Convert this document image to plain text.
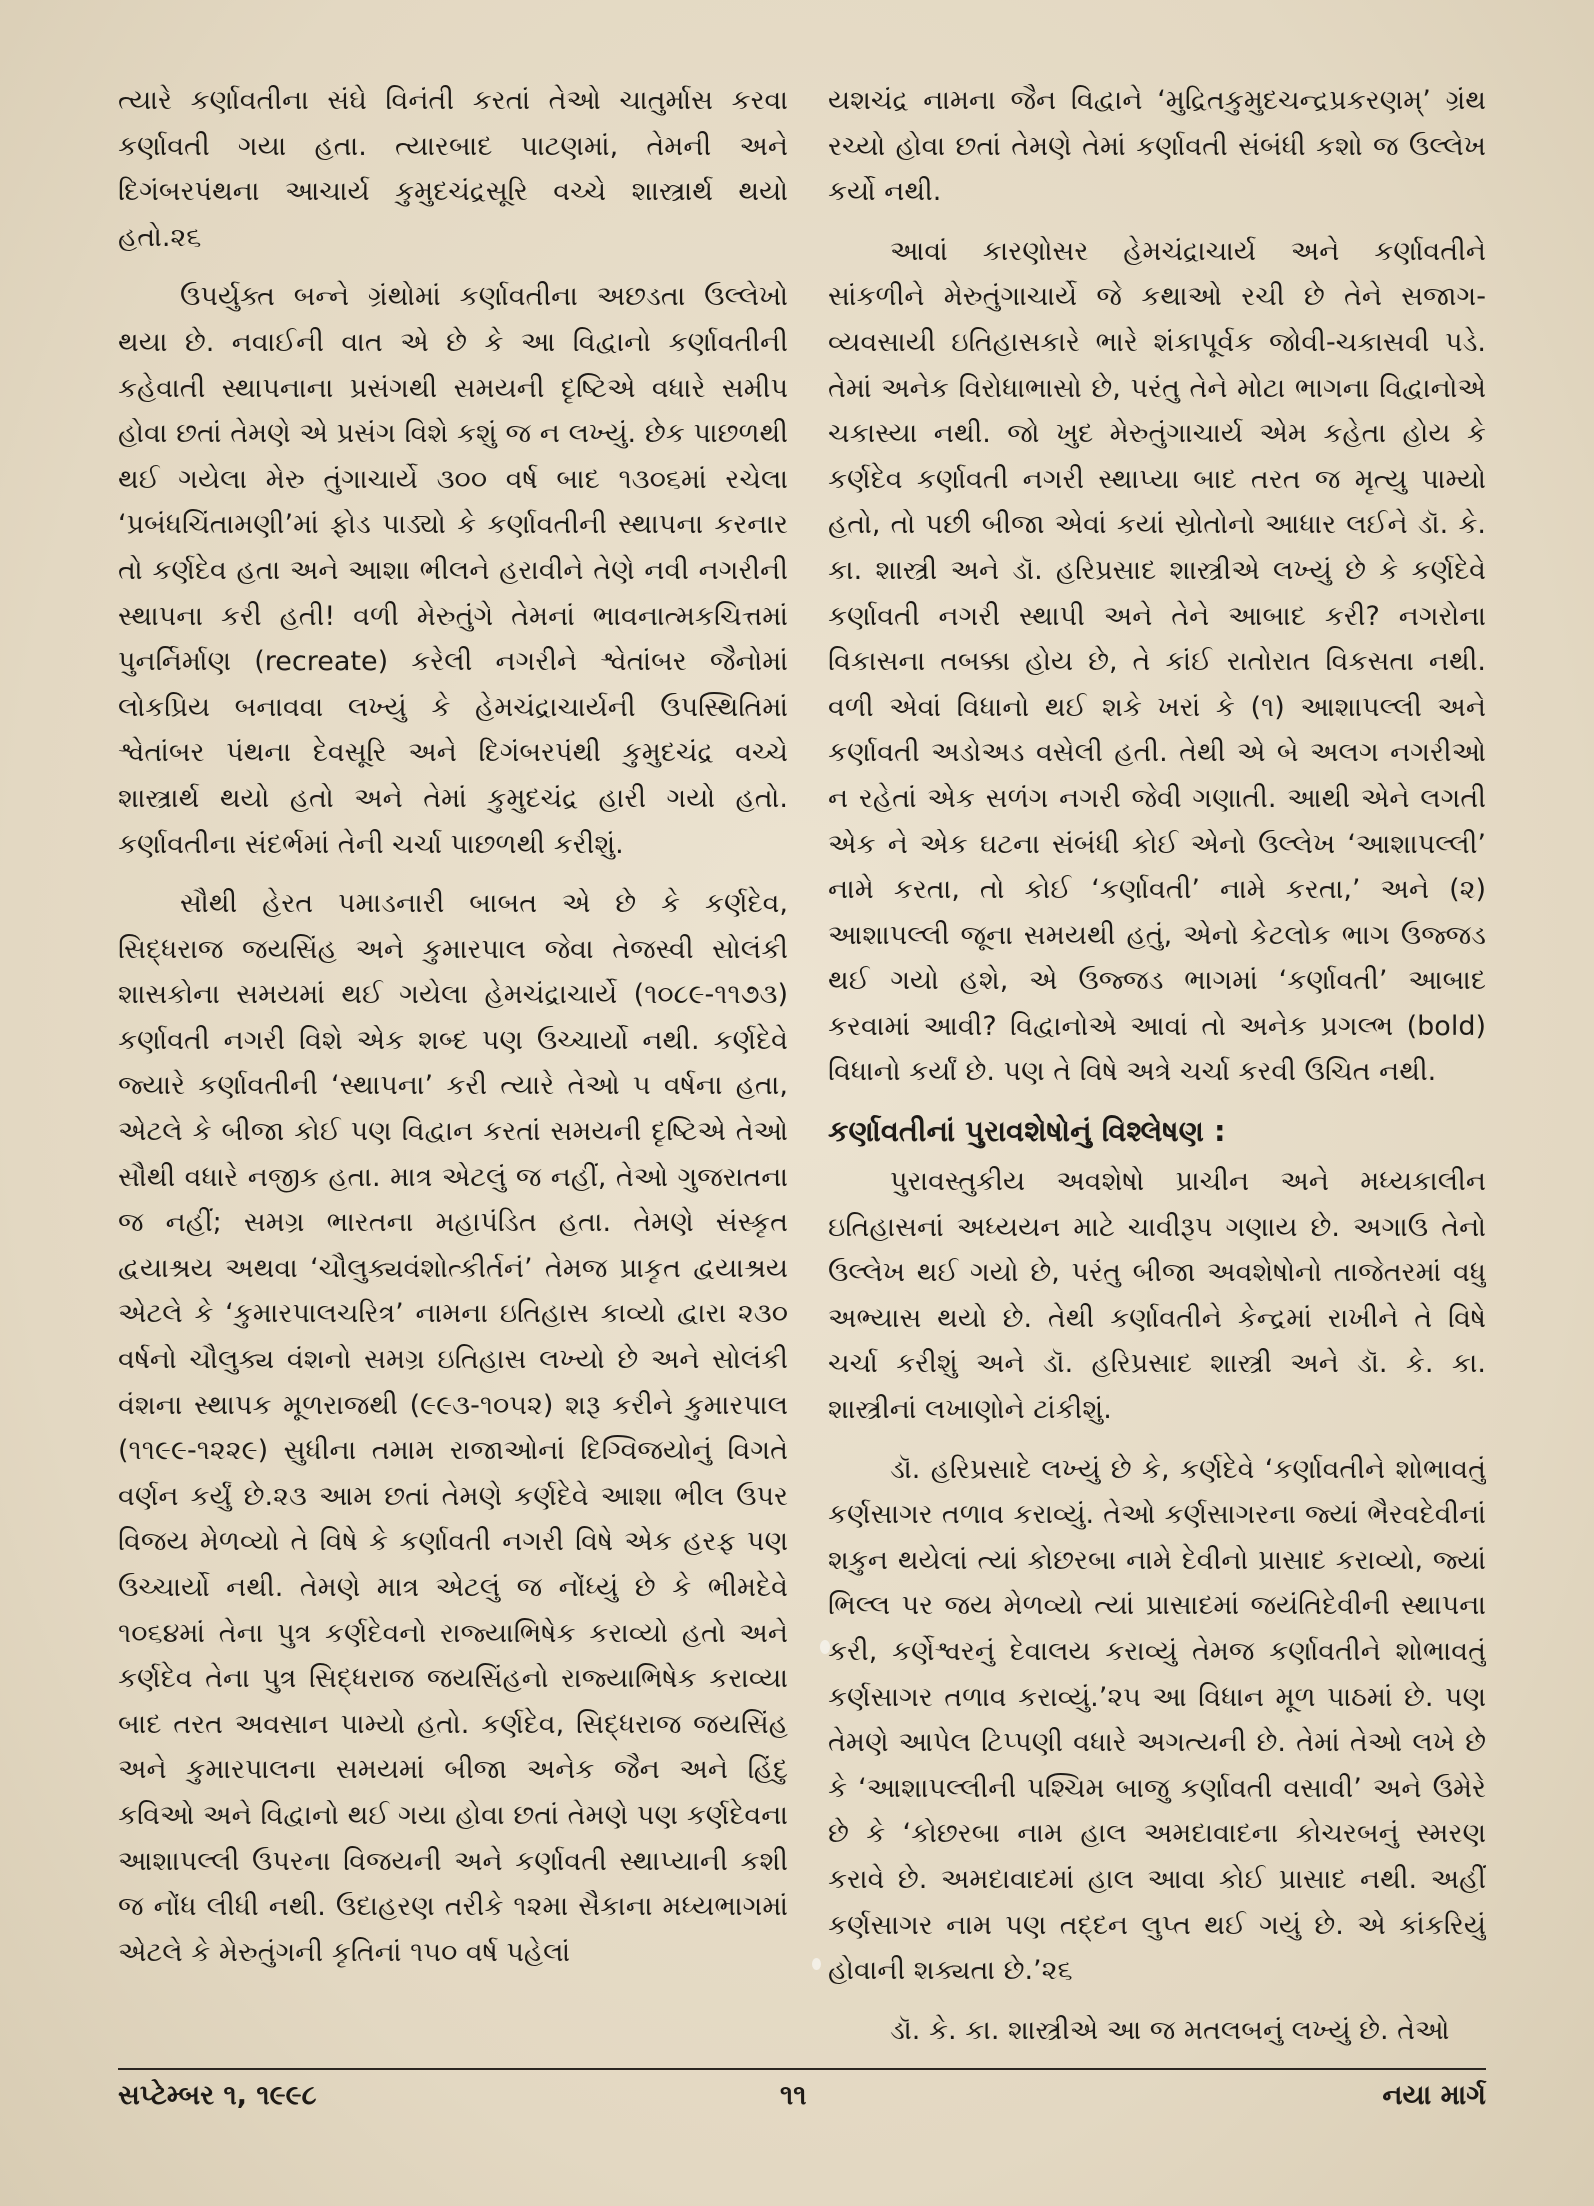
ત્યારે કર્ણાવતીના સંઘે વિનંતી કરતાં તેઓ ચાતુર્માસ કરવા કર્ણાવતી ગયા હતા. ત્યારબાદ પાટણમાં, તેમની અને દિગંબરપંથના આચાર્ય કુમુદચંદ્રસૂરિ વચ્ચે શાસ્ત્રાર્થ થયો હતો.૨૬

ઉપર્યુક્ત બન્ને ગ્રંથોમાં કર્ણાવતીના અછડતા ઉલ્લેખો થયા છે. નવાઈની વાત એ છે કે આ વિદ્વાનો કર્ણાવતીની કહેવાતી સ્થાપનાના પ્રસંગથી સમયની દૃષ્ટિએ વધારે સમીપ હોવા છતાં તેમણે એ પ્રસંગ વિશે કશું જ ન લખ્યું. છેક પાછળથી થઈ ગયેલા મેરુ તુંગાચાર્યે ૩૦૦ વર્ષ બાદ ૧૩૦૬માં રચેલા ‘પ્રબંધચિંતામણી’માં ફોડ પાડ્યો કે કર્ણાવતીની સ્થાપના કરનાર તો કર્ણદેવ હતા અને આશા ભીલને હરાવીને તેણે નવી નગરીની સ્થાપના કરી હતી! વળી મેરુતુંગે તેમનાં ભાવનાત્મકચિત્તમાં પુનર્નિર્માણ (recreate) કરેલી નગરીને શ્વેતાંબર જૈનોમાં લોકપ્રિય બનાવવા લખ્યું કે હેમચંદ્રાચાર્યની ઉપસ્થિતિમાં શ્વેતાંબર પંથના દેવસૂરિ અને દિગંબરપંથી કુમુદચંદ્ર વચ્ચે શાસ્ત્રાર્થ થયો હતો અને તેમાં કુમુદચંદ્ર હારી ગયો હતો. કર્ણાવતીના સંદર્ભમાં તેની ચર્ચા પાછળથી કરીશું.

સૌથી હેરત પમાડનારી બાબત એ છે કે કર્ણદેવ, સિદ્ધરાજ જયસિંહ અને કુમારપાલ જેવા તેજસ્વી સોલંકી શાસકોના સમયમાં થઈ ગયેલા હેમચંદ્રાચાર્યે (૧૦૮૯-૧૧૭૩) કર્ણાવતી નગરી વિશે એક શબ્દ પણ ઉચ્ચાર્યો નથી. કર્ણદેવે જ્યારે કર્ણાવતીની ‘સ્થાપના’ કરી ત્યારે તેઓ ૫ વર્ષના હતા, એટલે કે બીજા કોઈ પણ વિદ્વાન કરતાં સમયની દૃષ્ટિએ તેઓ સૌથી વધારે નજીક હતા. માત્ર એટલું જ નહીં, તેઓ ગુજરાતના જ નહીં; સમગ્ર ભારતના મહાપંડિત હતા. તેમણે સંસ્કૃત દ્વયાશ્રય અથવા ‘ચૌલુક્યવંશોત્કીર્તનં’ તેમજ પ્રાકૃત દ્વયાશ્રય એટલે કે ‘કુમારપાલચરિત્ર’ નામના ઇતિહાસ કાવ્યો દ્વારા ૨૩૦ વર્ષનો ચૌલુક્ય વંશનો સમગ્ર ઇતિહાસ લખ્યો છે અને સોલંકી વંશના સ્થાપક મૂળરાજથી (૯૯૩-૧૦૫૨) શરૂ કરીને કુમારપાલ (૧૧૯૯-૧૨૨૯) સુધીના તમામ રાજાઓનાં દિગ્વિજયોનું વિગતે વર્ણન કર્યું છે.૨૩ આમ છતાં તેમણે કર્ણદેવે આશા ભીલ ઉપર વિજય મેળવ્યો તે વિષે કે કર્ણાવતી નગરી વિષે એક હરફ પણ ઉચ્ચાર્યો નથી. તેમણે માત્ર એટલું જ નોંધ્યું છે કે ભીમદેવે ૧૦૬૪માં તેના પુત્ર કર્ણદેવનો રાજ્યાભિષેક કરાવ્યો હતો અને કર્ણદેવ તેના પુત્ર સિદ્ધરાજ જયસિંહનો રાજ્યાભિષેક કરાવ્યા બાદ તરત અવસાન પામ્યો હતો. કર્ણદેવ, સિદ્ધરાજ જયસિંહ અને કુમારપાલના સમયમાં બીજા અનેક જૈન અને હિંદુ કવિઓ અને વિદ્વાનો થઈ ગયા હોવા છતાં તેમણે પણ કર્ણદેવના આશાપલ્લી ઉપરના વિજયની અને કર્ણાવતી સ્થાપ્યાની કશી જ નોંધ લીધી નથી. ઉદાહરણ તરીકે ૧૨મા સૈકાના મધ્યભાગમાં એટલે કે મેરુતુંગની કૃતિનાં ૧૫૦ વર્ષ પહેલાં

યશચંદ્ર નામના જૈન વિદ્વાને ‘મુદ્રિતકુમુદચન્દ્રપ્રકરણમ્’ ગ્રંથ રચ્યો હોવા છતાં તેમણે તેમાં કર્ણાવતી સંબંધી કશો જ ઉલ્લેખ કર્યો નથી.

આવાં કારણોસર હેમચંદ્રાચાર્ય અને કર્ણાવતીને સાંકળીને મેરુતુંગાચાર્યે જે કથાઓ રચી છે તેને સજાગ-વ્યવસાયી ઇતિહાસકારે ભારે શંકાપૂર્વક જોવી-ચકાસવી પડે. તેમાં અનેક વિરોધાભાસો છે, પરંતુ તેને મોટા ભાગના વિદ્વાનોએ ચકાસ્યા નથી. જો ખુદ મેરુતુંગાચાર્ય એમ કહેતા હોય કે કર્ણદેવ કર્ણાવતી નગરી સ્થાપ્યા બાદ તરત જ મૃત્યુ પામ્યો હતો, તો પછી બીજા એવાં કયાં સ્રોતોનો આધાર લઈને ડૉ. કે. કા. શાસ્ત્રી અને ડૉ. હરિપ્રસાદ શાસ્ત્રીએ લખ્યું છે કે કર્ણદેવે કર્ણાવતી નગરી સ્થાપી અને તેને આબાદ કરી? નગરોના વિકાસના તબક્કા હોય છે, તે કાંઈ રાતોરાત વિકસતા નથી. વળી એવાં વિધાનો થઈ શકે ખરાં કે (૧) આશાપલ્લી અને કર્ણાવતી અડોઅડ વસેલી હતી. તેથી એ બે અલગ નગરીઓ ન રહેતાં એક સળંગ નગરી જેવી ગણાતી. આથી એને લગતી એક ને એક ઘટના સંબંધી કોઈ એનો ઉલ્લેખ ‘આશાપલ્લી’ નામે કરતા, તો કોઈ ‘કર્ણાવતી’ નામે કરતા,’ અને (૨) આશાપલ્લી જૂના સમયથી હતું, એનો કેટલોક ભાગ ઉજ્જડ થઈ ગયો હશે, એ ઉજ્જડ ભાગમાં ‘કર્ણાવતી’ આબાદ કરવામાં આવી? વિદ્વાનોએ આવાં તો અનેક પ્રગલ્ભ (bold) વિધાનો કર્યાં છે. પણ તે વિષે અત્રે ચર્ચા કરવી ઉચિત નથી.

કર્ણાવતીનાં પુરાવશેષોનું વિશ્લેષણ :

પુરાવસ્તુકીય અવશેષો પ્રાચીન અને મધ્યકાલીન ઇતિહાસનાં અધ્યયન માટે ચાવીરૂપ ગણાય છે. અગાઉ તેનો ઉલ્લેખ થઈ ગયો છે, પરંતુ બીજા અવશેષોનો તાજેતરમાં વધુ અભ્યાસ થયો છે. તેથી કર્ણાવતીને કેન્દ્રમાં રાખીને તે વિષે ચર્ચા કરીશું અને ડૉ. હરિપ્રસાદ શાસ્ત્રી અને ડૉ. કે. કા. શાસ્ત્રીનાં લખાણોને ટાંકીશું.

ડૉ. હરિપ્રસાદે લખ્યું છે કે, કર્ણદેવે ‘કર્ણાવતીને શોભાવતું કર્ણસાગર તળાવ કરાવ્યું. તેઓ કર્ણસાગરના જ્યાં ભૈરવદેવીનાં શકુન થયેલાં ત્યાં કોછરબા નામે દેવીનો પ્રાસાદ કરાવ્યો, જ્યાં ભિલ્લ પર જય મેળવ્યો ત્યાં પ્રાસાદમાં જયંતિદેવીની સ્થાપના કરી, કર્ણેશ્વરનું દેવાલય કરાવ્યું તેમજ કર્ણાવતીને શોભાવતું કર્ણસાગર તળાવ કરાવ્યું.’૨૫ આ વિધાન મૂળ પાઠમાં છે. પણ તેમણે આપેલ ટિપ્પણી વધારે અગત્યની છે. તેમાં તેઓ લખે છે કે ‘આશાપલ્લીની પશ્ચિમ બાજુ કર્ણાવતી વસાવી’ અને ઉમેરે છે કે ‘કોછરબા નામ હાલ અમદાવાદના કોચરબનું સ્મરણ કરાવે છે. અમદાવાદમાં હાલ આવા કોઈ પ્રાસાદ નથી. અહીં કર્ણસાગર નામ પણ તદ્દન લુપ્ત થઈ ગયું છે. એ કાંકરિયું હોવાની શક્યતા છે.’૨૬

ડૉ. કે. કા. શાસ્ત્રીએ આ જ મતલબનું લખ્યું છે. તેઓ

સપ્ટેમ્બર ૧, ૧૯૯૮	૧૧	નયા માર્ગ
